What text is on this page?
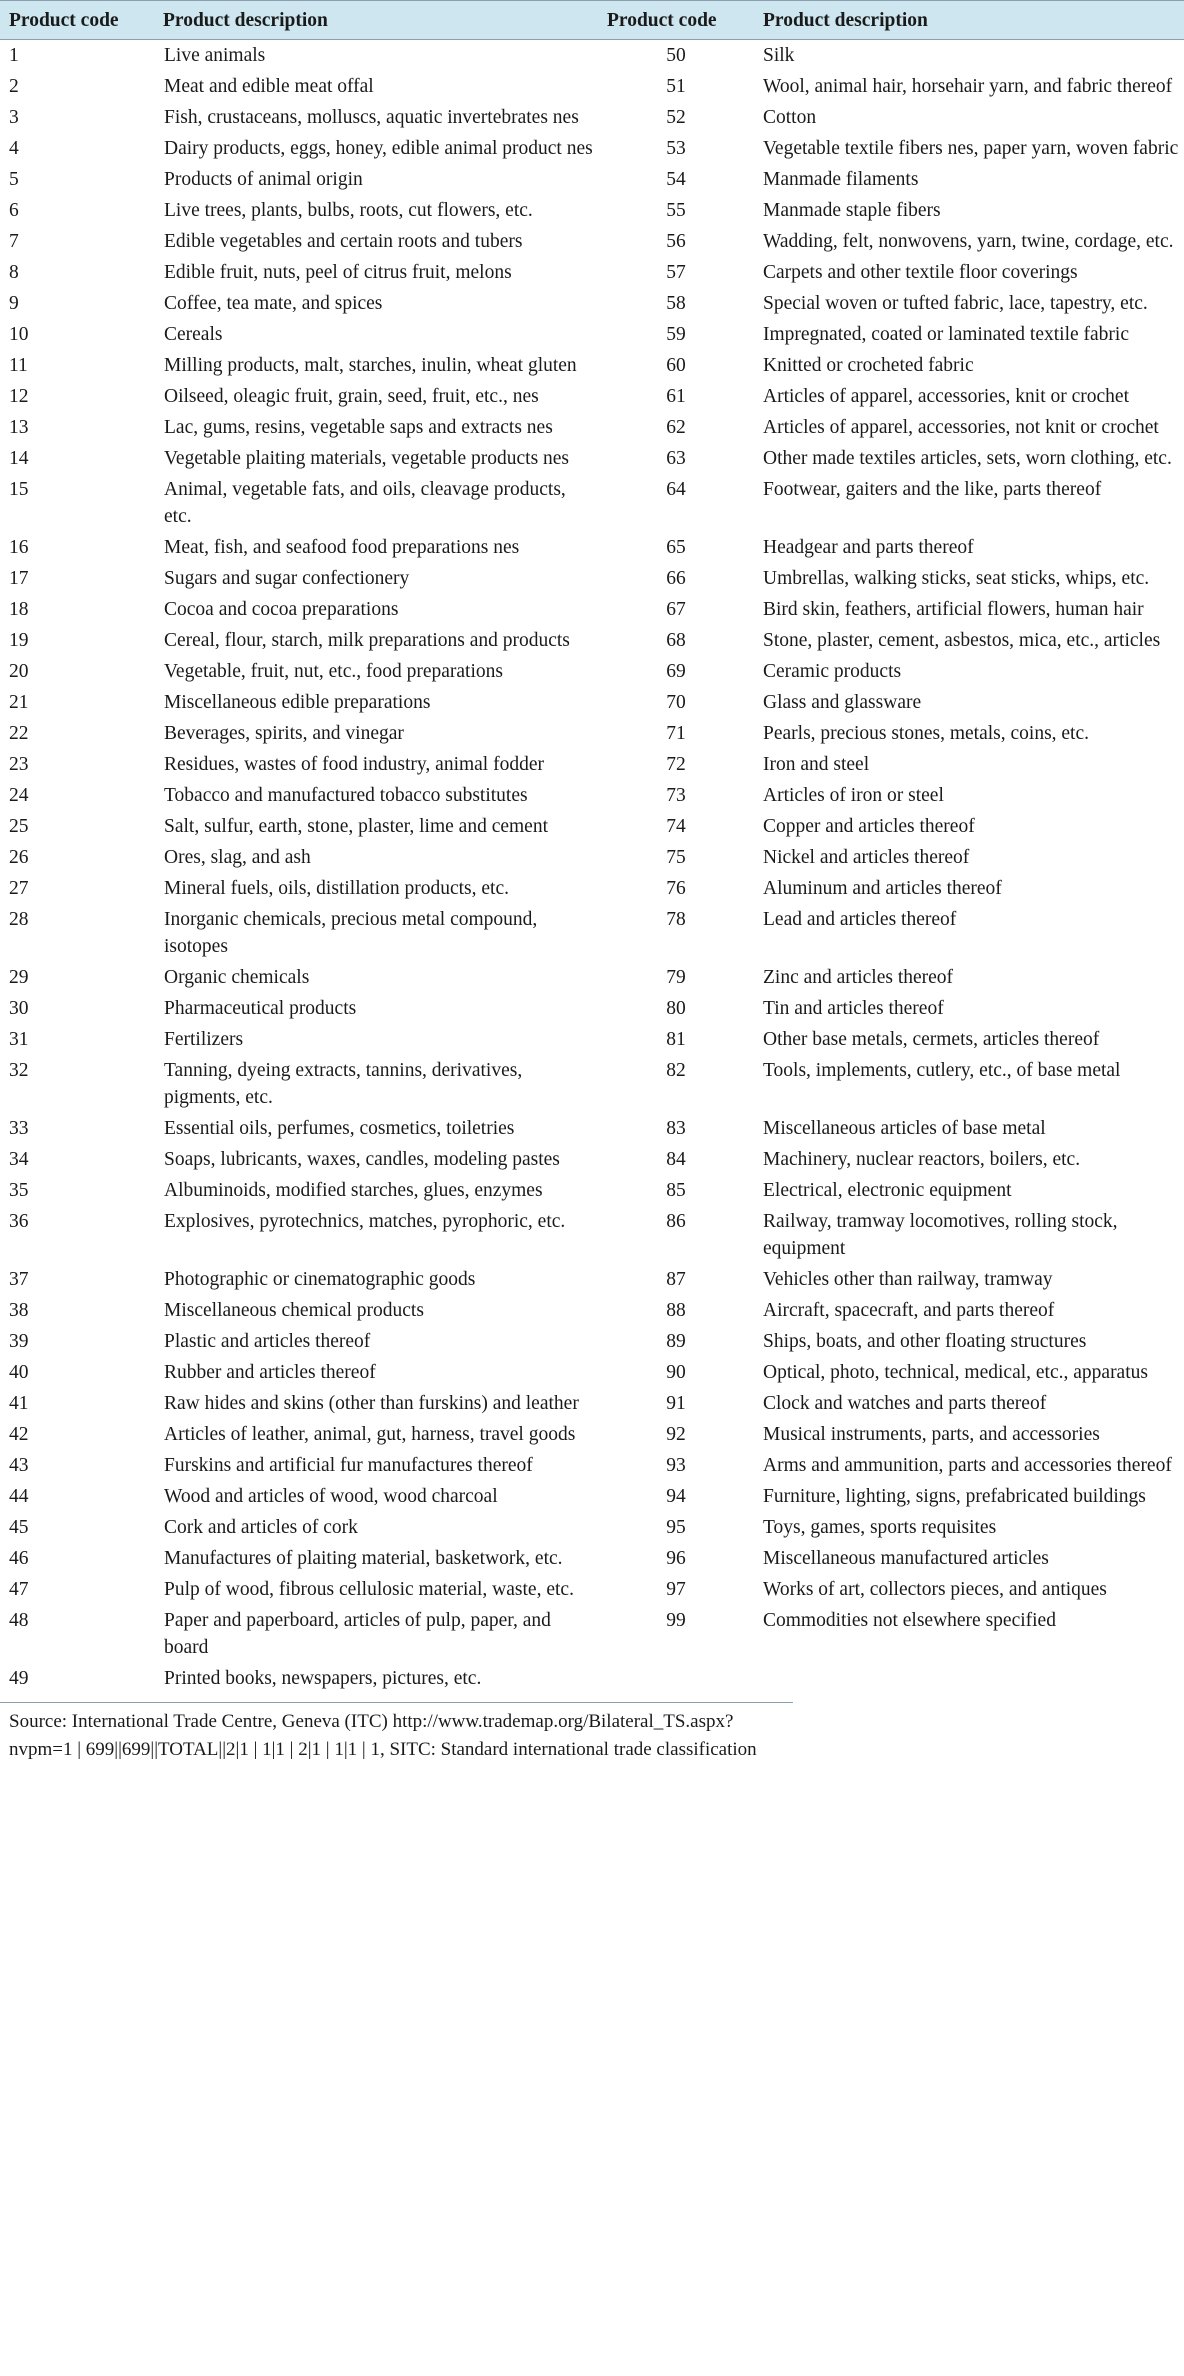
Product code	Product description	Product code	Product description
1	Live animals	50	Silk
2	Meat and edible meat offal	51	Wool, animal hair, horsehair yarn, and fabric thereof
3	Fish, crustaceans, molluscs, aquatic invertebrates nes	52	Cotton
4	Dairy products, eggs, honey, edible animal product nes	53	Vegetable textile fibers nes, paper yarn, woven fabric
5	Products of animal origin	54	Manmade filaments
6	Live trees, plants, bulbs, roots, cut flowers, etc.	55	Manmade staple fibers
7	Edible vegetables and certain roots and tubers	56	Wadding, felt, nonwovens, yarn, twine, cordage, etc.
8	Edible fruit, nuts, peel of citrus fruit, melons	57	Carpets and other textile floor coverings
9	Coffee, tea mate, and spices	58	Special woven or tufted fabric, lace, tapestry, etc.
10	Cereals	59	Impregnated, coated or laminated textile fabric
11	Milling products, malt, starches, inulin, wheat gluten	60	Knitted or crocheted fabric
12	Oilseed, oleagic fruit, grain, seed, fruit, etc., nes	61	Articles of apparel, accessories, knit or crochet
13	Lac, gums, resins, vegetable saps and extracts nes	62	Articles of apparel, accessories, not knit or crochet
14	Vegetable plaiting materials, vegetable products nes	63	Other made textiles articles, sets, worn clothing, etc.
15	Animal, vegetable fats, and oils, cleavage products, etc.	64	Footwear, gaiters and the like, parts thereof
16	Meat, fish, and seafood food preparations nes	65	Headgear and parts thereof
17	Sugars and sugar confectionery	66	Umbrellas, walking sticks, seat sticks, whips, etc.
18	Cocoa and cocoa preparations	67	Bird skin, feathers, artificial flowers, human hair
19	Cereal, flour, starch, milk preparations and products	68	Stone, plaster, cement, asbestos, mica, etc., articles
20	Vegetable, fruit, nut, etc., food preparations	69	Ceramic products
21	Miscellaneous edible preparations	70	Glass and glassware
22	Beverages, spirits, and vinegar	71	Pearls, precious stones, metals, coins, etc.
23	Residues, wastes of food industry, animal fodder	72	Iron and steel
24	Tobacco and manufactured tobacco substitutes	73	Articles of iron or steel
25	Salt, sulfur, earth, stone, plaster, lime and cement	74	Copper and articles thereof
26	Ores, slag, and ash	75	Nickel and articles thereof
27	Mineral fuels, oils, distillation products, etc.	76	Aluminum and articles thereof
28	Inorganic chemicals, precious metal compound, isotopes	78	Lead and articles thereof
29	Organic chemicals	79	Zinc and articles thereof
30	Pharmaceutical products	80	Tin and articles thereof
31	Fertilizers	81	Other base metals, cermets, articles thereof
32	Tanning, dyeing extracts, tannins, derivatives, pigments, etc.	82	Tools, implements, cutlery, etc., of base metal
33	Essential oils, perfumes, cosmetics, toiletries	83	Miscellaneous articles of base metal
34	Soaps, lubricants, waxes, candles, modeling pastes	84	Machinery, nuclear reactors, boilers, etc.
35	Albuminoids, modified starches, glues, enzymes	85	Electrical, electronic equipment
36	Explosives, pyrotechnics, matches, pyrophoric, etc.	86	Railway, tramway locomotives, rolling stock, equipment
37	Photographic or cinematographic goods	87	Vehicles other than railway, tramway
38	Miscellaneous chemical products	88	Aircraft, spacecraft, and parts thereof
39	Plastic and articles thereof	89	Ships, boats, and other floating structures
40	Rubber and articles thereof	90	Optical, photo, technical, medical, etc., apparatus
41	Raw hides and skins (other than furskins) and leather	91	Clock and watches and parts thereof
42	Articles of leather, animal, gut, harness, travel goods	92	Musical instruments, parts, and accessories
43	Furskins and artificial fur manufactures thereof	93	Arms and ammunition, parts and accessories thereof
44	Wood and articles of wood, wood charcoal	94	Furniture, lighting, signs, prefabricated buildings
45	Cork and articles of cork	95	Toys, games, sports requisites
46	Manufactures of plaiting material, basketwork, etc.	96	Miscellaneous manufactured articles
47	Pulp of wood, fibrous cellulosic material, waste, etc.	97	Works of art, collectors pieces, and antiques
48	Paper and paperboard, articles of pulp, paper, and board	99	Commodities not elsewhere specified
49	Printed books, newspapers, pictures, etc.		
Source: International Trade Centre, Geneva (ITC) http://www.trademap.org/Bilateral_TS.aspx?nvpm=1 | 699||699||TOTAL||2|1 | 1|1 | 2|1 | 1|1 | 1, SITC: Standard international trade classification
